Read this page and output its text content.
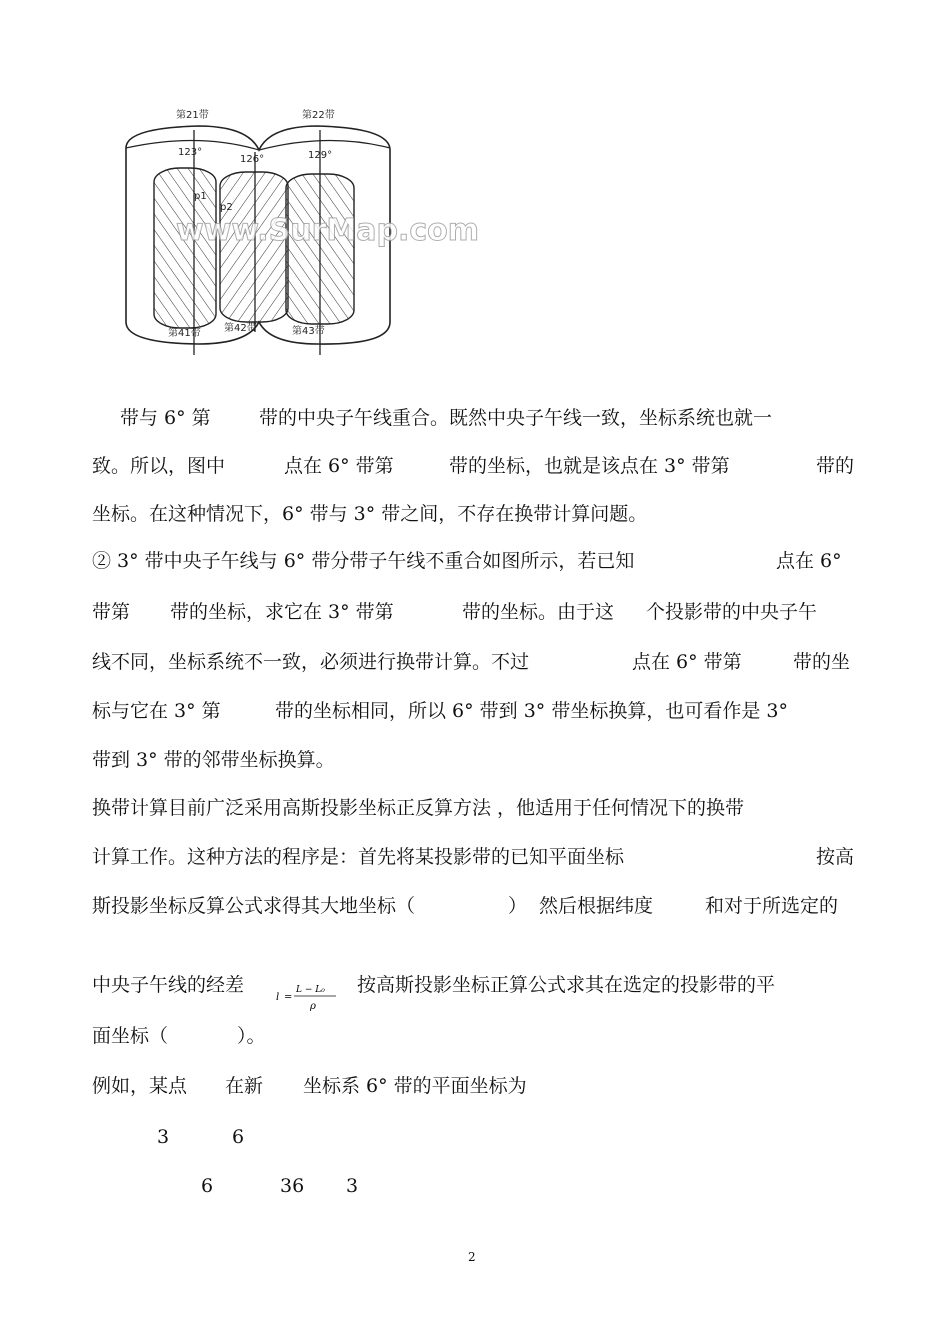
第21带	第22带
123°
126°	129°
p1
p2
第41带 第42带	第43带
www.SurMap.com
带与 6° 第	带的中央子午线重合。既然中央子午线一致，坐标系统也就一
致。所以，图中	点在 6° 带第	带的坐标，也就是该点在 3° 带第	带的
坐标。在这种情况下，6° 带与 3° 带之间，不存在换带计算问题。
② 3° 带中央子午线与 6° 带分带子午线不重合如图所示，若已知	点在 6°
带第 带的坐标，求它在 3° 带第	带的坐标。由于这 个投影带的中央子午
线不同，坐标系统不一致，必须进行换带计算。不过	点在 6° 带第	带的坐
标与它在 3° 第	带的坐标相同，所以 6° 带到 3° 带坐标换算，也可看作是 3°
带到 3° 带的邻带坐标换算。
换带计算目前广泛采用高斯投影坐标正反算方法 ，他适用于任何情况下的换带
计算工作。这种方法的程序是：首先将某投影带的已知平面坐标	按高
斯投影坐标反算公式求得其大地坐标（	） 然后根据纬度	和对于所选定的
中央子午线的经差	按高斯投影坐标正算公式求其在选定的投影带的平
面坐标（	）。
例如，某点 在新 坐标系 6° 带的平面坐标为
3	6
6	36 3
l =
L − L₀
ρ
2
